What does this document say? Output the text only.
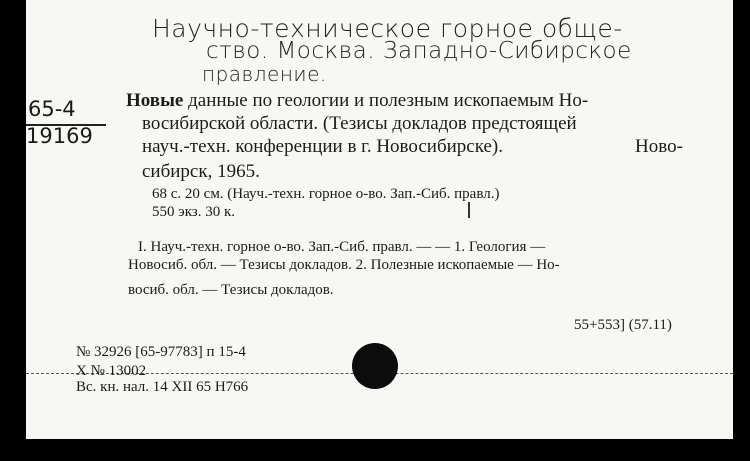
Научно-техническое горное обще-
ство. Москва. Западно-Сибирское
правление.
65-4
19169
Новые данные по геологии и полезным ископаемым Но-
восибирской области. (Тезисы докладов предстоящей
науч.-техн. конференции в г. Новосибирске).	Ново-
сибирск, 1965.
68 с. 20 см. (Науч.-техн. горное о-во. Зап.-Сиб. правл.)
550 экз. 30 к.
I. Науч.-техн. горное о-во. Зап.-Сиб. правл. — — 1. Геология —
Новосиб. обл. — Тезисы докладов. 2. Полезные ископаемые — Но-
восиб. обл. — Тезисы докладов.
55+553] (57.11)
№ 32926 [65-97783] п 15-4
Х № 13002
Вс. кн. нал. 14 XII 65 Н766
